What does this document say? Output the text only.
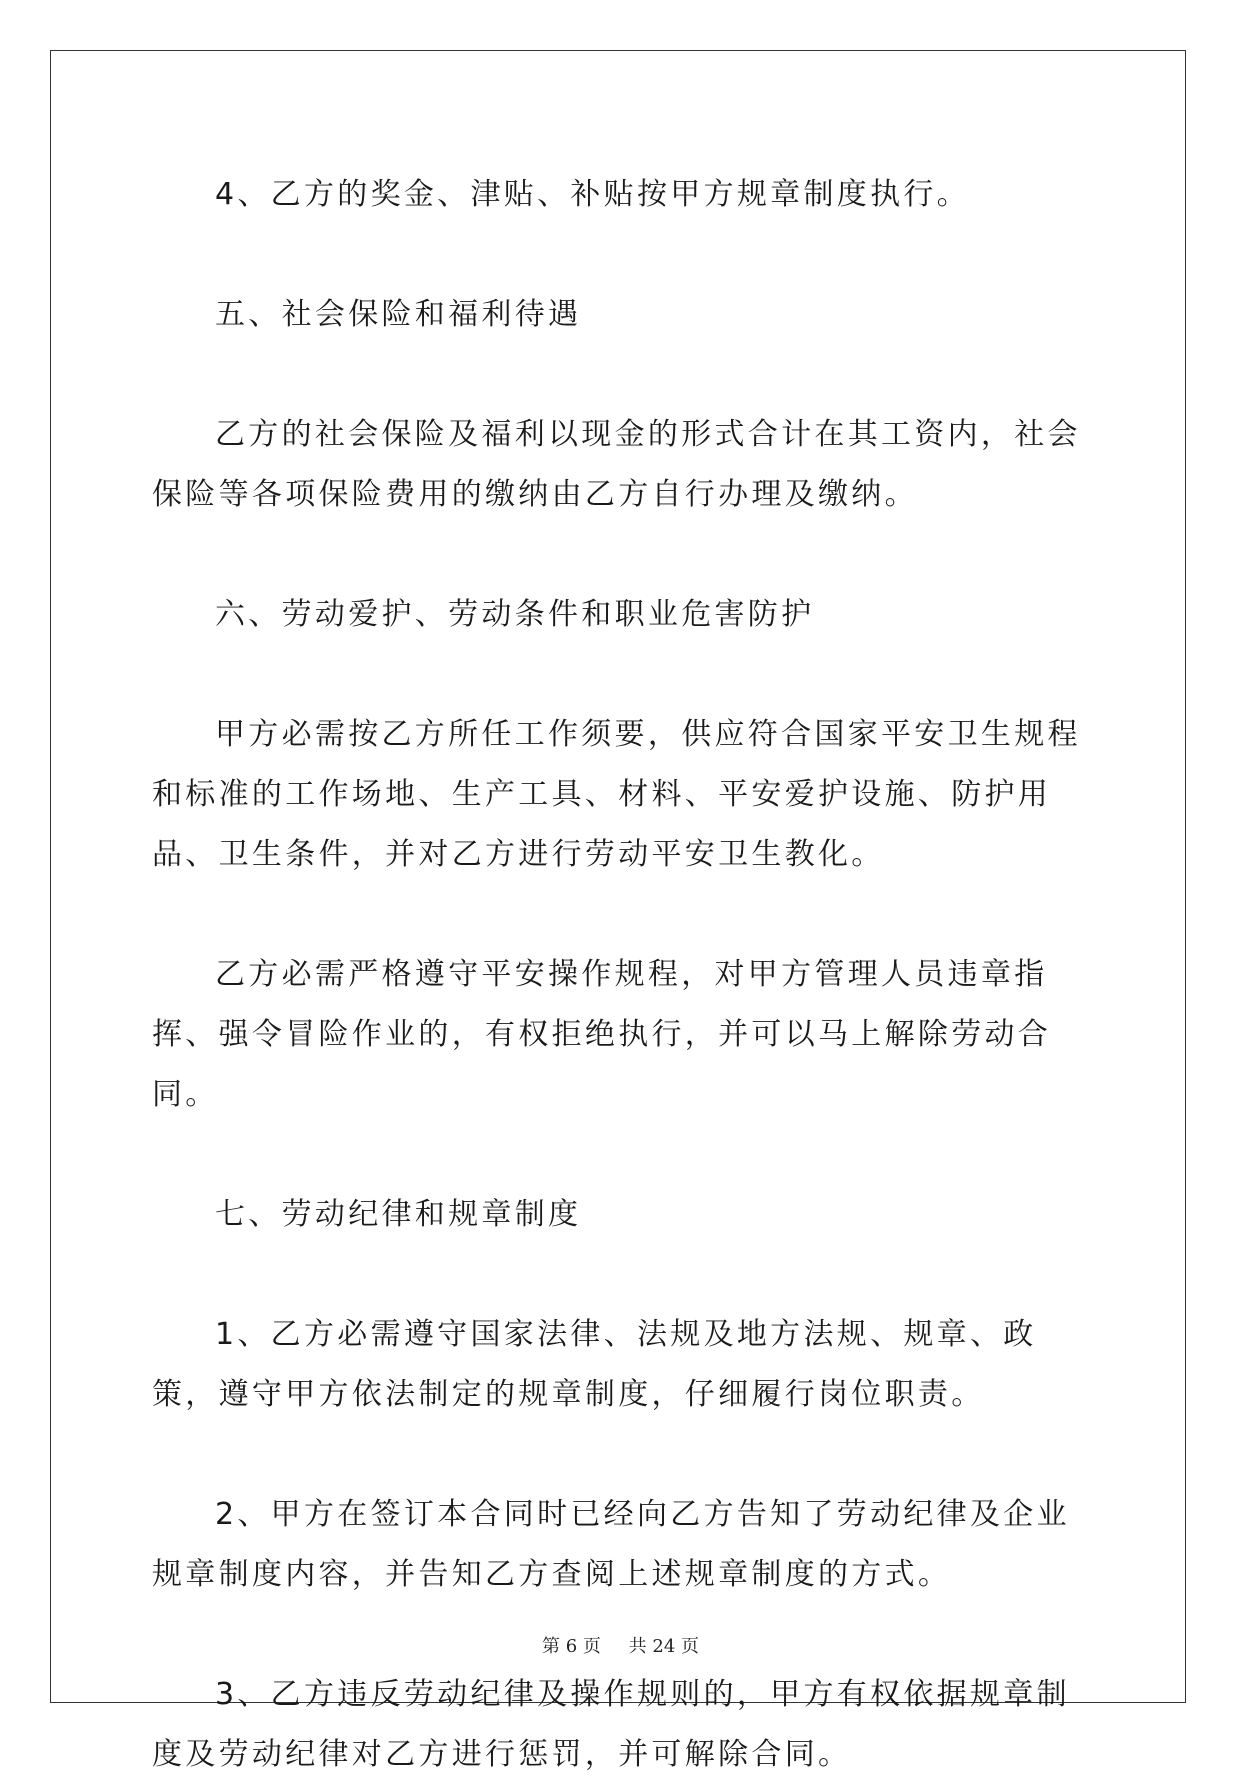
4、乙方的奖金、津贴、补贴按甲方规章制度执行。

五、社会保险和福利待遇

乙方的社会保险及福利以现金的形式合计在其工资内，社会保险等各项保险费用的缴纳由乙方自行办理及缴纳。

六、劳动爱护、劳动条件和职业危害防护

甲方必需按乙方所任工作须要，供应符合国家平安卫生规程和标准的工作场地、生产工具、材料、平安爱护设施、防护用品、卫生条件，并对乙方进行劳动平安卫生教化。

乙方必需严格遵守平安操作规程，对甲方管理人员违章指挥、强令冒险作业的，有权拒绝执行，并可以马上解除劳动合同。

七、劳动纪律和规章制度

1、乙方必需遵守国家法律、法规及地方法规、规章、政策，遵守甲方依法制定的规章制度，仔细履行岗位职责。

2、甲方在签订本合同时已经向乙方告知了劳动纪律及企业规章制度内容，并告知乙方查阅上述规章制度的方式。

3、乙方违反劳动纪律及操作规则的，甲方有权依据规章制度及劳动纪律对乙方进行惩罚，并可解除合同。

第 6 页 共 24 页
